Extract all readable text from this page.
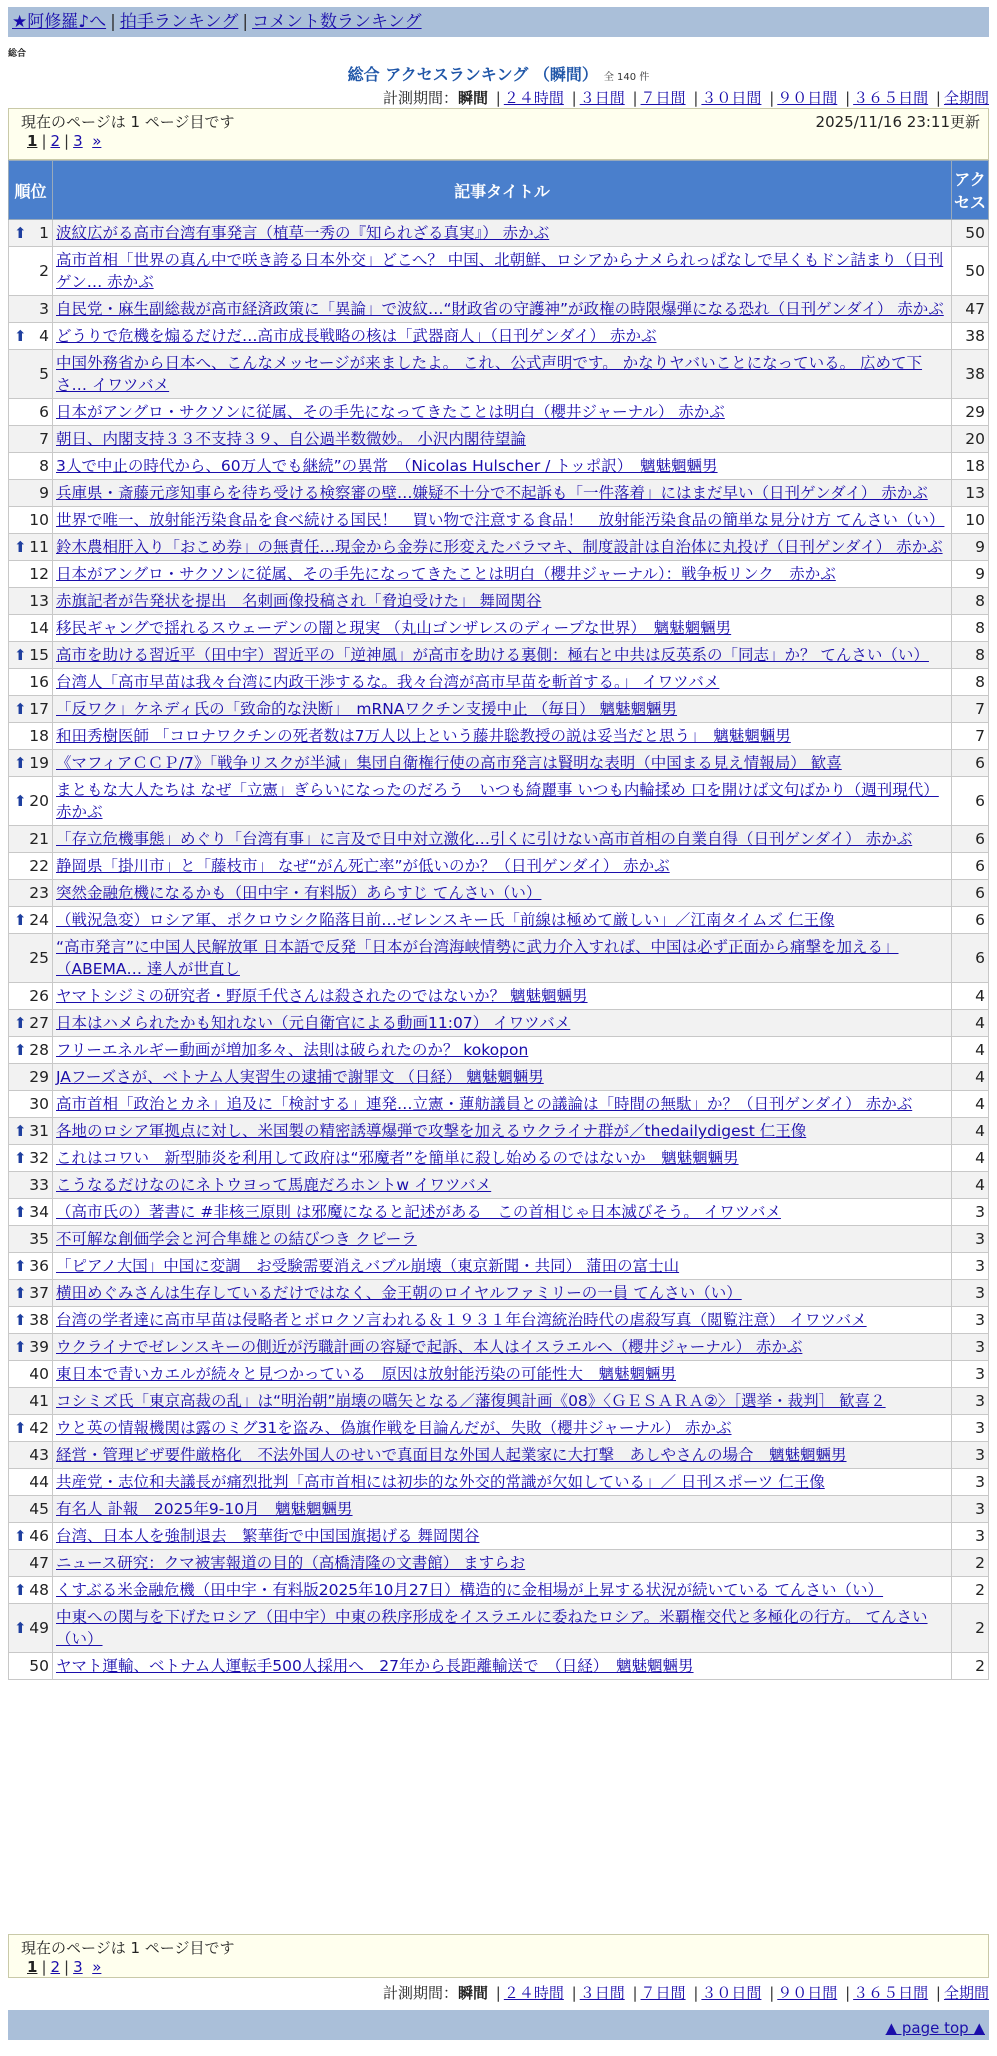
★阿修羅♪へ | 拍手ランキング | コメント数ランキング
総合
総合 アクセスランキング （瞬間） 全 140 件
計測期間：瞬間 | ２４時間 | ３日間 | ７日間 | ３０日間 | ９０日間 | ３６５日間 | 全期間
現在のページは 1 ページ目です	2025/11/16 23:11更新
1 | 2 | 3 »
順位	記事タイトル	アクセス

⬆ 1	波紋広がる高市台湾有事発言（植草一秀の『知られざる真実』） 赤かぶ	50
2	高市首相「世界の真ん中で咲き誇る日本外交」どこへ？ 中国、北朝鮮、ロシアからナメられっぱなしで早くもドン詰まり（日刊ゲン… 赤かぶ	50
3	自民党・麻生副総裁が高市経済政策に「異論」で波紋…“財政省の守護神”が政権の時限爆弾になる恐れ（日刊ゲンダイ） 赤かぶ	47

⬆ 4	どうりで危機を煽るだけだ…高市成長戦略の核は「武器商人」（日刊ゲンダイ） 赤かぶ	38
5	中国外務省から日本へ、こんなメッセージが来ましたよ。 これ、公式声明です。 かなりヤバいことになっている。 広めて下さ… イワツバメ	38
6	日本がアングロ・サクソンに従属、その手先になってきたことは明白（櫻井ジャーナル） 赤かぶ	29
7	朝日、内閣支持３３不支持３９、自公過半数微妙。 小沢内閣待望論	20
8	3人で中止の時代から、60万人でも継続”の異常　（Nicolas Hulscher / トッポ訳）　魑魅魍魎男	18
9	兵庫県・斎藤元彦知事らを待ち受ける検察審の壁…嫌疑不十分で不起訴も「一件落着」にはまだ早い（日刊ゲンダイ） 赤かぶ	13
10	世界で唯一、放射能汚染食品を食べ続ける国民！　買い物で注意する食品！　放射能汚染食品の簡単な見分け方 てんさい（い）	10

⬆ 11	鈴木農相肝入り「おこめ券」の無責任…現金から金券に形変えたバラマキ、制度設計は自治体に丸投げ（日刊ゲンダイ） 赤かぶ	9
12	日本がアングロ・サクソンに従属、その手先になってきたことは明白（櫻井ジャーナル）：戦争板リンク　赤かぶ	9
13	赤旗記者が告発状を提出　名刺画像投稿され「脅迫受けた」 舞岡関谷	8
14	移民ギャングで揺れるスウェーデンの闇と現実 （丸山ゴンザレスのディープな世界）　魑魅魍魎男	8

⬆ 15	高市を助ける習近平（田中宇）習近平の「逆神風」が高市を助ける裏側：極右と中共は反英系の「同志」か？ てんさい（い）	8
16	台湾人「高市早苗は我々台湾に内政干渉するな。我々台湾が高市早苗を斬首する。」 イワツバメ	8

⬆ 17	「反ワク」ケネディ氏の「致命的な決断」　mRNAワクチン支援中止 （毎日） 魑魅魍魎男	7
18	和田秀樹医師 「コロナワクチンの死者数は7万人以上という藤井聡教授の説は妥当だと思う」　魑魅魍魎男	7

⬆ 19	《マフィアＣＣＰ/7》「戦争リスクが半減」集団自衛権行使の高市発言は賢明な表明（中国まる見え情報局） 歓喜	6

⬆ 20	まともな大人たちは なぜ「立憲」ぎらいになったのだろう　いつも綺麗事 いつも内輪揉め 口を開けば文句ばかり（週刊現代） 赤かぶ	6
21	「存立危機事態」めぐり「台湾有事」に言及で日中対立激化…引くに引けない高市首相の自業自得（日刊ゲンダイ） 赤かぶ	6
22	静岡県「掛川市」と「藤枝市」 なぜ“がん死亡率”が低いのか？（日刊ゲンダイ） 赤かぶ	6
23	突然金融危機になるかも（田中宇・有料版）あらすじ てんさい（い）	6

⬆ 24	（戦況急変）ロシア軍、ポクロウシク陥落目前…ゼレンスキー氏「前線は極めて厳しい」／江南タイムズ 仁王像	6
25	“高市発言”に中国人民解放軍 日本語で反発「日本が台湾海峡情勢に武力介入すれば、中国は必ず正面から痛撃を加える」（ABEMA… 達人が世直し	6
26	ヤマトシジミの研究者・野原千代さんは殺されたのではないか？ 魑魅魍魎男	4

⬆ 27	日本はハメられたかも知れない（元自衛官による動画11:07） イワツバメ	4

⬆ 28	フリーエネルギー動画が増加多々、法則は破られたのか？ kokopon	4
29	JAフーズさが、ベトナム人実習生の逮捕で謝罪文 （日経） 魑魅魍魎男	4
30	高市首相「政治とカネ」追及に「検討する」連発…立憲・蓮舫議員との議論は「時間の無駄」か？（日刊ゲンダイ） 赤かぶ	4

⬆ 31	各地のロシア軍拠点に対し、米国製の精密誘導爆弾で攻撃を加えるウクライナ群が／thedailydigest 仁王像	4

⬆ 32	これはコワい　新型肺炎を利用して政府は“邪魔者”を簡単に殺し始めるのではないか　魑魅魍魎男	4
33	こうなるだけなのにネトウヨって馬鹿だろホントw イワツバメ	4

⬆ 34	（高市氏の）著書に #非核三原則 は邪魔になると記述がある　この首相じゃ日本滅びそう。 イワツバメ	3
35	不可解な創価学会と河合隼雄との結びつき クピーラ	3

⬆ 36	「ピアノ大国」中国に変調　お受験需要消えバブル崩壊（東京新聞・共同） 蒲田の富士山	3

⬆ 37	横田めぐみさんは生存しているだけではなく、金王朝のロイヤルファミリーの一員 てんさい（い）	3

⬆ 38	台湾の学者達に高市早苗は侵略者とボロクソ言われる＆１９３１年台湾統治時代の虐殺写真（閲覧注意） イワツバメ	3

⬆ 39	ウクライナでゼレンスキーの側近が汚職計画の容疑で起訴、本人はイスラエルへ（櫻井ジャーナル） 赤かぶ	3
40	東日本で青いカエルが続々と見つかっている　原因は放射能汚染の可能性大　魑魅魍魎男	3
41	コシミズ氏「東京高裁の乱」は“明治朝”崩壊の嚆矢となる／藩復興計画《08》〈ＧＥＳＡＲＡ②〉［選挙・裁判］ 歓喜２	3

⬆ 42	ウと英の情報機関は露のミグ31を盗み、偽旗作戦を目論んだが、失敗（櫻井ジャーナル） 赤かぶ	3
43	経営・管理ビザ要件厳格化　不法外国人のせいで真面目な外国人起業家に大打撃　あしやさんの場合　魑魅魍魎男	3
44	共産党・志位和夫議長が痛烈批判「高市首相には初歩的な外交的常識が欠如している」／ 日刊スポーツ 仁王像	3
45	有名人 訃報　2025年9-10月　魑魅魍魎男	3

⬆ 46	台湾、日本人を強制退去　繁華街で中国国旗掲げる 舞岡関谷	3
47	ニュース研究：クマ被害報道の目的（高橋清隆の文書館） ますらお	2

⬆ 48	くすぶる米金融危機（田中宇・有料版2025年10月27日）構造的に金相場が上昇する状況が続いている てんさい（い）	2

⬆ 49	中東への関与を下げたロシア（田中宇）中東の秩序形成をイスラエルに委ねたロシア。米覇権交代と多極化の行方。 てんさい（い）	2
50	ヤマト運輸、ベトナム人運転手500人採用へ　27年から長距離輸送で　（日経）　魑魅魍魎男	2
現在のページは 1 ページ目です
1 | 2 | 3 »
計測期間：瞬間 | ２４時間 | ３日間 | ７日間 | ３０日間 | ９０日間 | ３６５日間 | 全期間
▲ page top ▲
